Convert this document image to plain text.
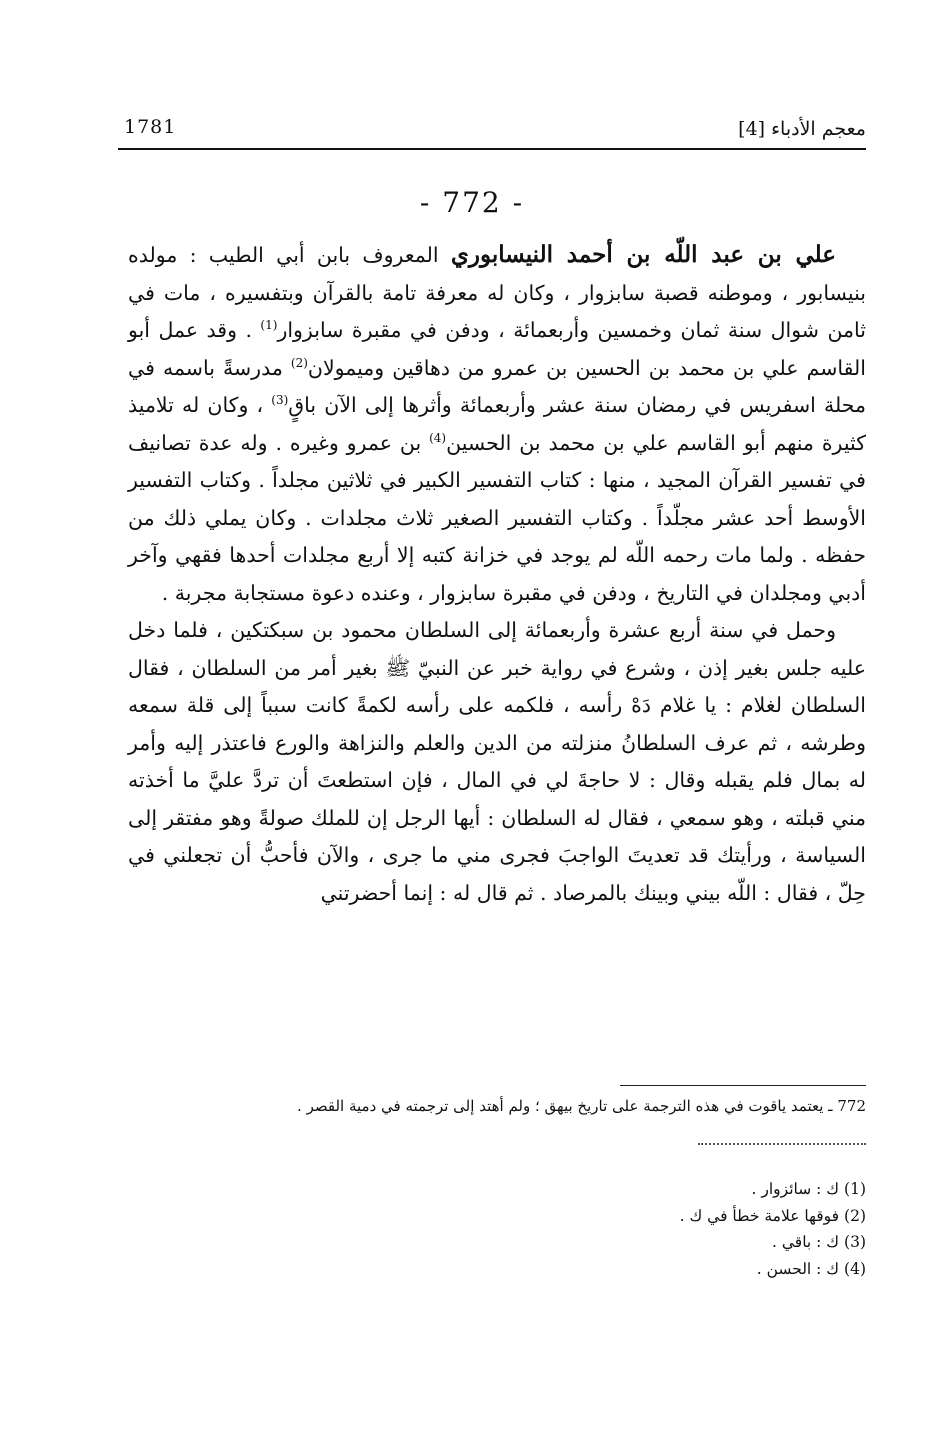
معجم الأدباء [4]
1781
- 772 -

علي بن عبد اللّه بن أحمد النيسابوري المعروف بابن أبي الطيب : مولده بنيسابور ، وموطنه قصبة سابزوار ، وكان له معرفة تامة بالقرآن وبتفسيره ، مات في ثامن شوال سنة ثمان وخمسين وأربعمائة ، ودفن في مقبرة سابزوار$^{(1)}$ . وقد عمل أبو القاسم علي بن محمد بن الحسين بن عمرو من دهاقين وميمولان$^{(2)}$ مدرسةً باسمه في محلة اسفريس في رمضان سنة عشر وأربعمائة وأثرها إلى الآن باقٍ$^{(3)}$ ، وكان له تلاميذ كثيرة منهم أبو القاسم علي بن محمد بن الحسين$^{(4)}$ بن عمرو وغيره . وله عدة تصانيف في تفسير القرآن المجيد ، منها : كتاب التفسير الكبير في ثلاثين مجلداً . وكتاب التفسير الأوسط أحد عشر مجلّداً . وكتاب التفسير الصغير ثلاث مجلدات . وكان يملي ذلك من حفظه . ولما مات رحمه اللّه لم يوجد في خزانة كتبه إلا أربع مجلدات أحدها فقهي وآخر أدبي ومجلدان في التاريخ ، ودفن في مقبرة سابزوار ، وعنده دعوة مستجابة مجربة .

وحمل في سنة أربع عشرة وأربعمائة إلى السلطان محمود بن سبكتكين ، فلما دخل عليه جلس بغير إذن ، وشرع في رواية خبر عن النبيّ ﷺ بغير أمر من السلطان ، فقال السلطان لغلام : يا غلام دَهْ رأسه ، فلكمه على رأسه لكمةً كانت سبباً إلى قلة سمعه وطرشه ، ثم عرف السلطانُ منزلته من الدين والعلم والنزاهة والورع فاعتذر إليه وأمر له بمال فلم يقبله وقال : لا حاجةَ لي في المال ، فإن استطعتَ أن تردَّ عليَّ ما أخذته مني قبلته ، وهو سمعي ، فقال له السلطان : أيها الرجل إن للملك صولةً وهو مفتقر إلى السياسة ، ورأيتك قد تعديتَ الواجبَ فجرى مني ما جرى ، والآن فأحبُّ أن تجعلني في حِلّ ، فقال : اللّه بيني وبينك بالمرصاد . ثم قال له : إنما أحضرتني

772 ـ يعتمد ياقوت في هذه الترجمة على تاريخ بيهق ؛ ولم أهتد إلى ترجمته في دمية القصر .

(1) ك : سائزوار .

(2) فوقها علامة خطأ في ك .

(3) ك : باقي .

(4) ك : الحسن .
